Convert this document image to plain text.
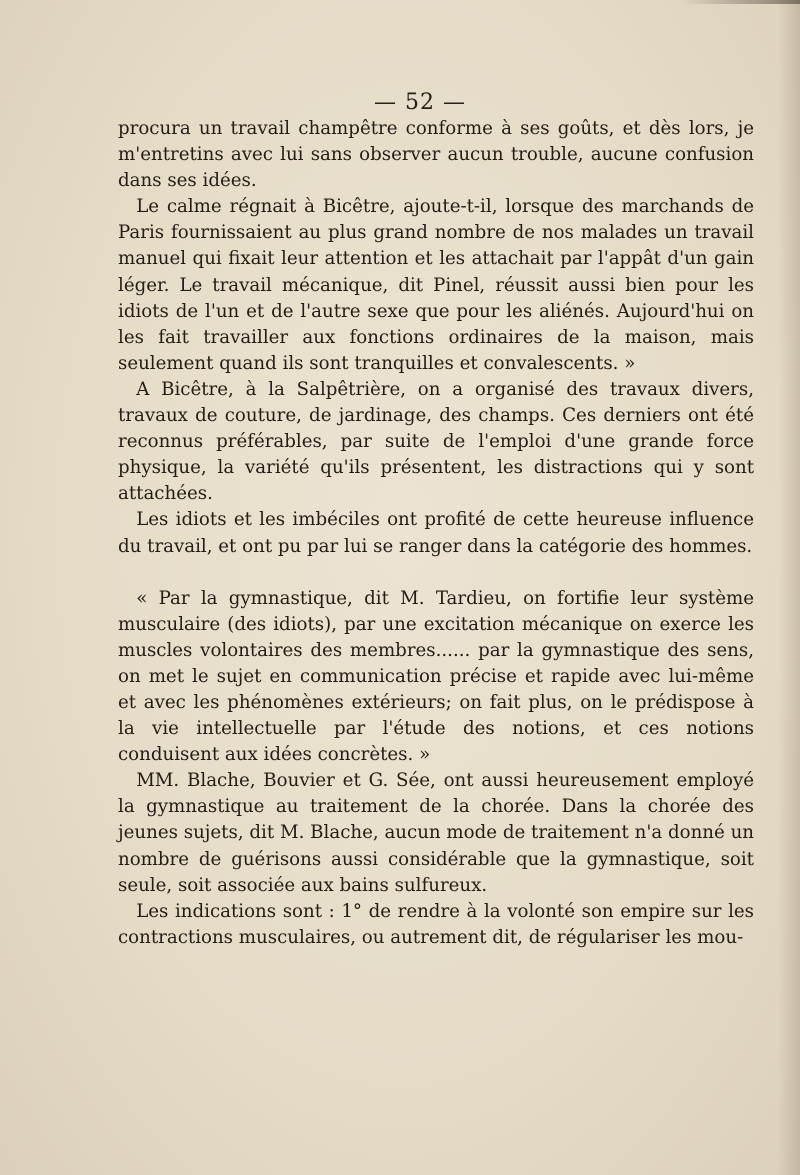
— 52 —

procura un travail champêtre conforme à ses goûts, et dès lors, je m'entretins avec lui sans observer aucun trouble, aucune confusion dans ses idées.

Le calme régnait à Bicêtre, ajoute-t-il, lorsque des marchands de Paris fournissaient au plus grand nombre de nos malades un travail manuel qui fixait leur attention et les attachait par l'appât d'un gain léger. Le travail mécanique, dit Pinel, réussit aussi bien pour les idiots de l'un et de l'autre sexe que pour les aliénés. Aujourd'hui on les fait travailler aux fonctions ordinaires de la maison, mais seulement quand ils sont tranquilles et convalescents. »

A Bicêtre, à la Salpêtrière, on a organisé des travaux divers, travaux de couture, de jardinage, des champs. Ces derniers ont été reconnus préférables, par suite de l'emploi d'une grande force physique, la variété qu'ils présentent, les distractions qui y sont attachées.

Les idiots et les imbéciles ont profité de cette heureuse influence du travail, et ont pu par lui se ranger dans la catégorie des hommes.

« Par la gymnastique, dit M. Tardieu, on fortifie leur système musculaire (des idiots), par une excitation mécanique on exerce les muscles volontaires des membres...... par la gymnastique des sens, on met le sujet en communication précise et rapide avec lui-même et avec les phénomènes extérieurs; on fait plus, on le prédispose à la vie intellectuelle par l'étude des notions, et ces notions conduisent aux idées concrètes. »

MM. Blache, Bouvier et G. Sée, ont aussi heureusement employé la gymnastique au traitement de la chorée. Dans la chorée des jeunes sujets, dit M. Blache, aucun mode de traitement n'a donné un nombre de guérisons aussi considérable que la gymnastique, soit seule, soit associée aux bains sulfureux.

Les indications sont : 1° de rendre à la volonté son empire sur les contractions musculaires, ou autrement dit, de régulariser les mou-
